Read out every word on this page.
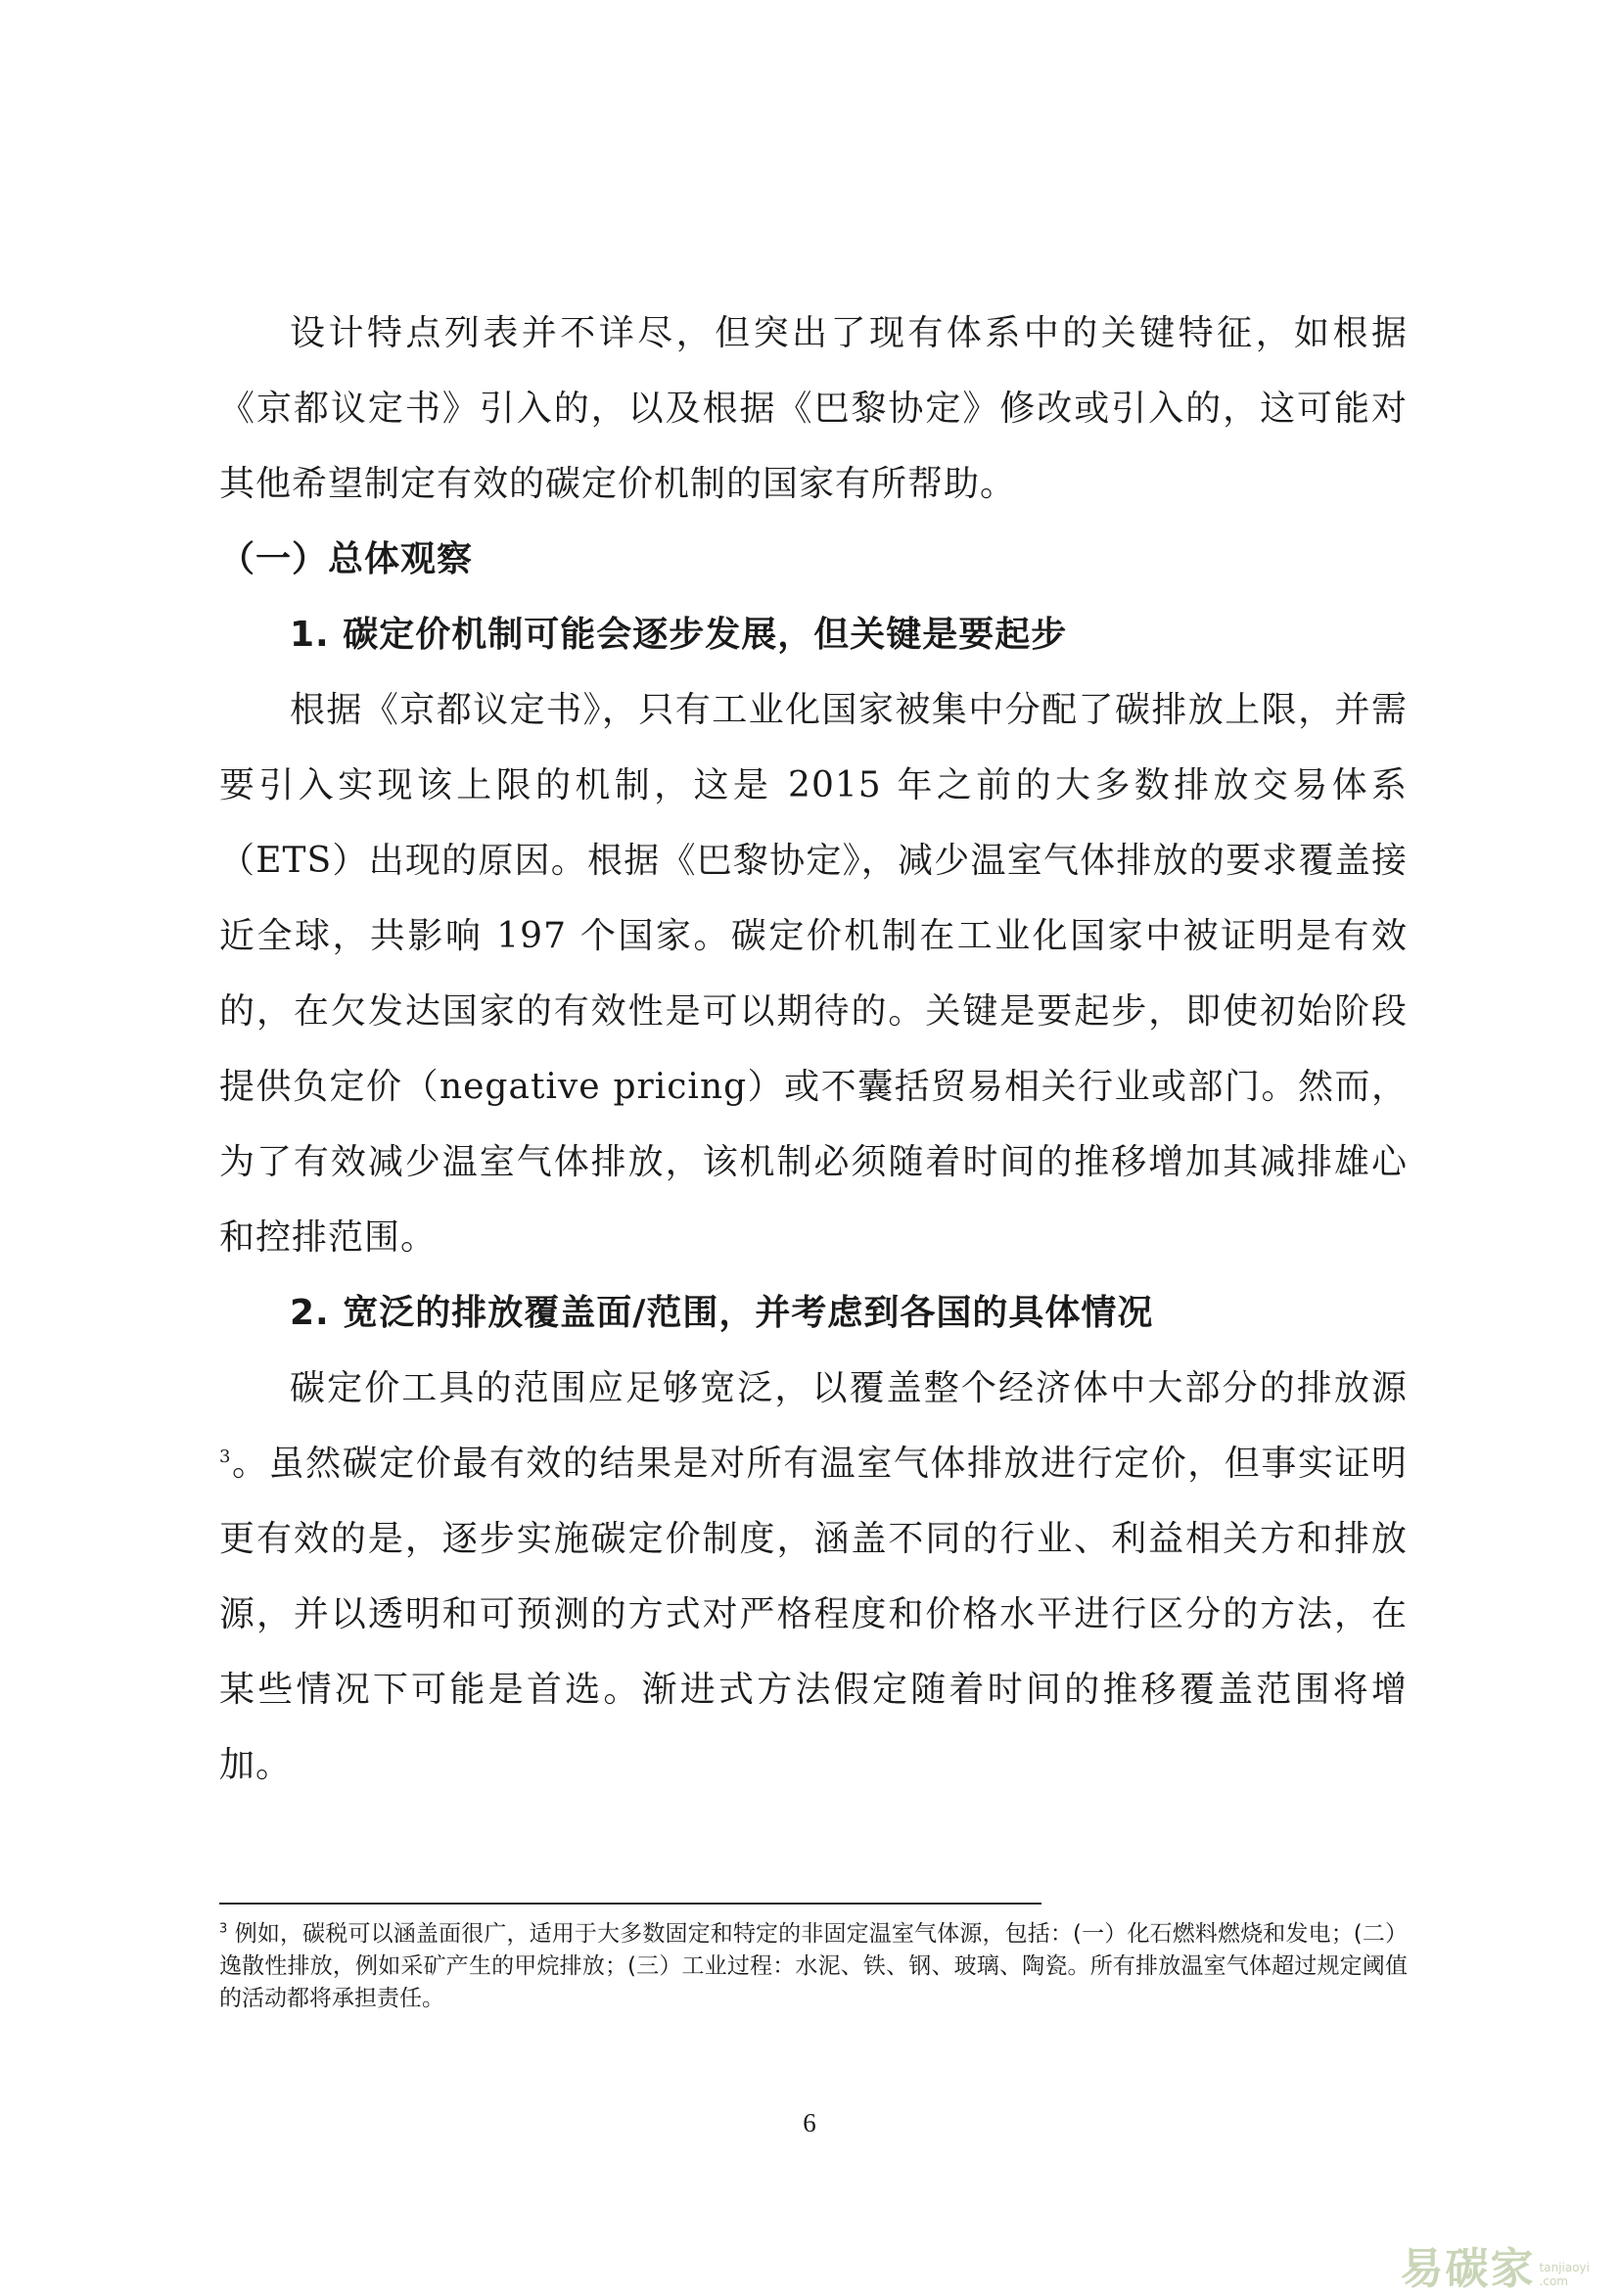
设计特点列表并不详尽，但突出了现有体系中的关键特征，如根据《京都议定书》引入的，以及根据《巴黎协定》修改或引入的，这可能对其他希望制定有效的碳定价机制的国家有所帮助。

（一）总体观察

1. 碳定价机制可能会逐步发展，但关键是要起步

根据《京都议定书》，只有工业化国家被集中分配了碳排放上限，并需要引入实现该上限的机制，这是 2015 年之前的大多数排放交易体系（ETS）出现的原因。根据《巴黎协定》，减少温室气体排放的要求覆盖接近全球，共影响 197 个国家。碳定价机制在工业化国家中被证明是有效的，在欠发达国家的有效性是可以期待的。关键是要起步，即使初始阶段提供负定价（negative pricing）或不囊括贸易相关行业或部门。然而，为了有效减少温室气体排放，该机制必须随着时间的推移增加其减排雄心和控排范围。

2. 宽泛的排放覆盖面/范围，并考虑到各国的具体情况

碳定价工具的范围应足够宽泛，以覆盖整个经济体中大部分的排放源$^3$。虽然碳定价最有效的结果是对所有温室气体排放进行定价，但事实证明更有效的是，逐步实施碳定价制度，涵盖不同的行业、利益相关方和排放源，并以透明和可预测的方式对严格程度和价格水平进行区分的方法，在某些情况下可能是首选。渐进式方法假定随着时间的推移覆盖范围将增加。

$^3$ 例如，碳税可以涵盖面很广，适用于大多数固定和特定的非固定温室气体源，包括：(一）化石燃料燃烧和发电；(二）逸散性排放，例如采矿产生的甲烷排放；(三）工业过程：水泥、铁、钢、玻璃、陶瓷。所有排放温室气体超过规定阈值的活动都将承担责任。

6
易碳家 tanjiaoyi
.com
